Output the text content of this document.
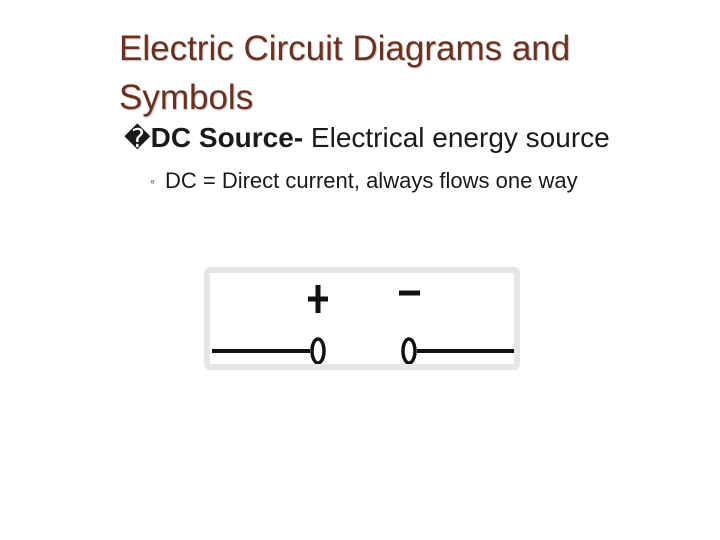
Electric Circuit Diagrams and Symbols
�DC Source- Electrical energy source
◦ DC = Direct current, always flows one way
